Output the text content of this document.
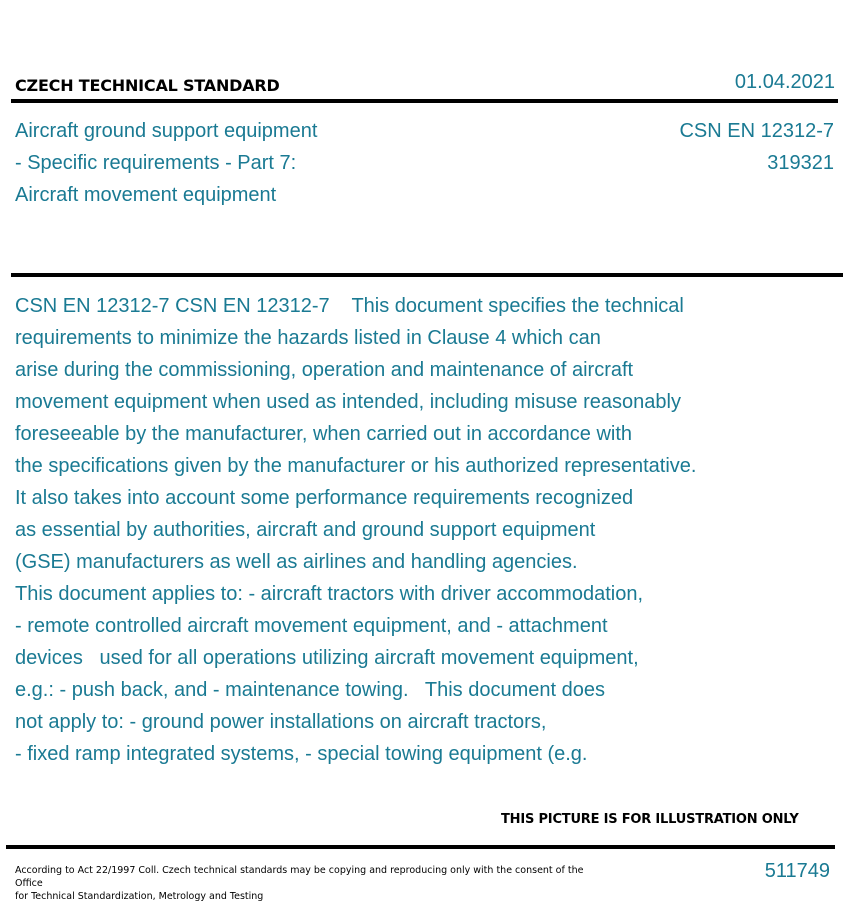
CZECH TECHNICAL STANDARD	01.04.2021
Aircraft ground support equipment
- Specific requirements - Part 7:
Aircraft movement equipment
CSN EN 12312-7
319321
CSN EN 12312-7 CSN EN 12312-7    This document specifies the technical
requirements to minimize the hazards listed in Clause 4 which can
arise during the commissioning, operation and maintenance of aircraft
movement equipment when used as intended, including misuse reasonably
foreseeable by the manufacturer, when carried out in accordance with
the specifications given by the manufacturer or his authorized representative.
It also takes into account some performance requirements recognized
as essential by authorities, aircraft and ground support equipment
(GSE) manufacturers as well as airlines and handling agencies.
This document applies to: - aircraft tractors with driver accommodation,
- remote controlled aircraft movement equipment, and - attachment
devices   used for all operations utilizing aircraft movement equipment,
e.g.: - push back, and - maintenance towing.   This document does
not apply to: - ground power installations on aircraft tractors,
- fixed ramp integrated systems, - special towing equipment (e.g.
THIS PICTURE IS FOR ILLUSTRATION ONLY
According to Act 22/1997 Coll. Czech technical standards may be copying and reproducing only with the consent of the Office
for Technical Standardization, Metrology and Testing
511749
